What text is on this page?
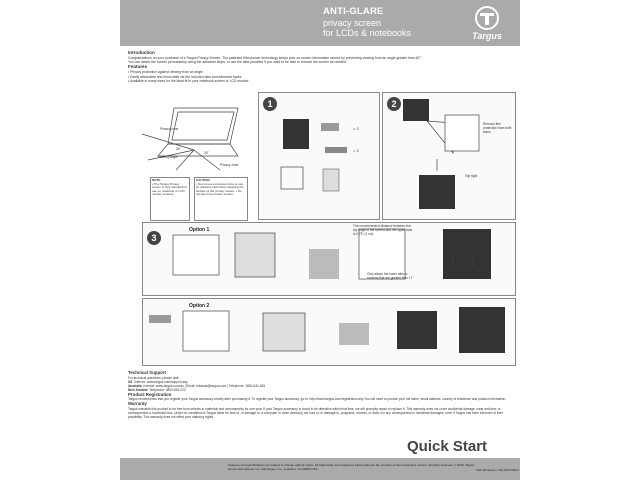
ANTI-GLARE
privacy screen
for LCDs & notebooks	Targus
Introduction
Congratulations on your purchase of a Targus Privacy Screen. The patented Microlouver technology keeps your on-screen information secure by preventing viewing from an angle greater than 60°. You can attach the screen permanently using the adhesive strips, or use the tabs provided if you want to be able to remove the screen as needed.
Features
• Privacy protection against viewing from an angle
• Easily attachable and removable via the included tabs and adhesive tapes
• Available in many sizes for the ideal fit to your notebook screen or LCD monitor
Privacy zone
Viewing angle
Privacy zone
30°
30°
NOTE
• The Targus Privacy screen is only intended for use on notebook or LCD monitor screens
CAUTION
• Do not use excessive force or use an abrasive cloth when cleaning the surface of the privacy screen. • Do not bend the privacy screen.
1
× 2
× 2
2
Remove film protection from both sides
Top right
3
Option 1
The recommended distance between the top edge of the screen and the upper tabs is 0.75" (2 cm)
Only attach the lower tabs to screens that are greater than 17"
Option 2
Technical Support
For technical questions, please visit:
US Internet: www.targus.com/support.asp
Australia Internet: www.targus.com/au | Email: infoaust@targus.com | Telephone: 1800-641-645
New Zealand Telephone: 0800-633-222
Product Registration
Targus recommends that you register your Targus accessory shortly after purchasing it. To register your Targus accessory, go to: http://www.targus.com/registration.asp You will need to provide your full name, email address, country of residence and product information.
Warranty
Targus warrants this product to be free from defects in materials and workmanship for one year. If your Targus accessory is found to be defective within that time, we will promptly repair or replace it. This warranty does not cover accidental damage, wear and tear, or consequential or incidental loss. Under no conditions is Targus liable for loss of, or damage to, a computer or other device(s) nor loss of, or damage to, programs, records, or data; nor any consequential or incidental damages, even if Targus has been informed of their possibility. This warranty does not affect your statutory rights.
Quick Start
Features and specifications are subject to change without notice. All trademarks and registered trademarks are the property of their respective owners. All rights reserved. © 2009, Targus Group International, Inc. and Targus, Inc., Anaheim, CA 92806 USA	ASF-20 Series / 410-1870-001C
